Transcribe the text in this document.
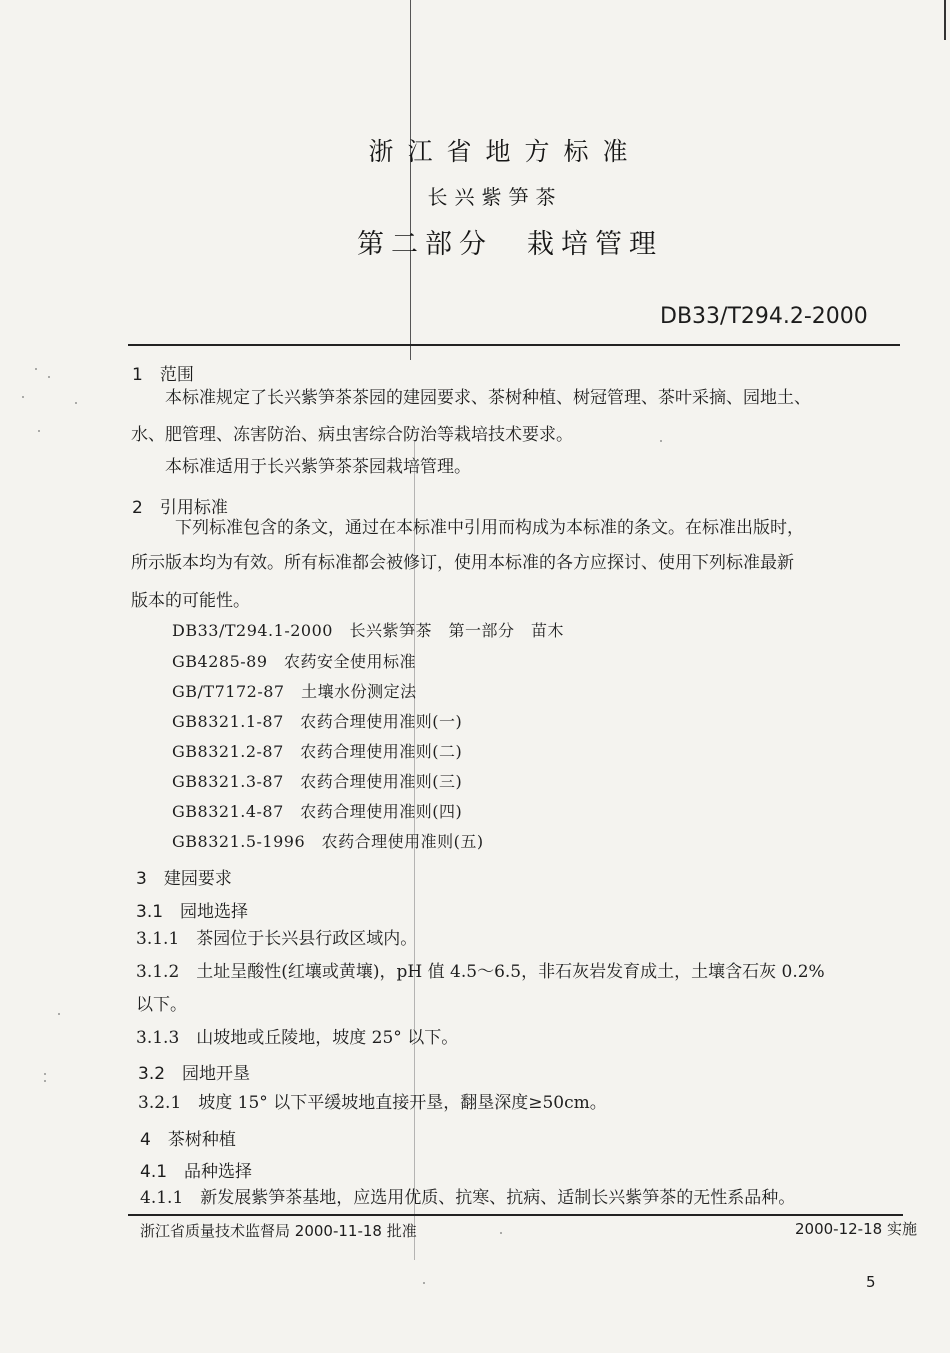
浙江省地方标准
长兴紫笋茶
第二部分　栽培管理
DB33/T294.2-2000
1　范围
本标准规定了长兴紫笋茶茶园的建园要求、茶树种植、树冠管理、茶叶采摘、园地土、
水、肥管理、冻害防治、病虫害综合防治等栽培技术要求。
本标准适用于长兴紫笋茶茶园栽培管理。
2　引用标准
下列标准包含的条文，通过在本标准中引用而构成为本标准的条文。在标准出版时，
所示版本均为有效。所有标准都会被修订，使用本标准的各方应探讨、使用下列标准最新
版本的可能性。
DB33/T294.1-2000　长兴紫笋茶　第一部分　苗木
GB4285-89　农药安全使用标准
GB/T7172-87　土壤水份测定法
GB8321.1-87　农药合理使用准则(一)
GB8321.2-87　农药合理使用准则(二)
GB8321.3-87　农药合理使用准则(三)
GB8321.4-87　农药合理使用准则(四)
GB8321.5-1996　农药合理使用准则(五)
3　建园要求
3.1　园地选择
3.1.1　茶园位于长兴县行政区域内。
3.1.2　土址呈酸性(红壤或黄壤)，pH 值 4.5～6.5，非石灰岩发育成土，土壤含石灰 0.2%
以下。
3.1.3　山坡地或丘陵地，坡度 25° 以下。
3.2　园地开垦
3.2.1　坡度 15° 以下平缓坡地直接开垦，翻垦深度≥50cm。
4　茶树种植
4.1　品种选择
4.1.1　新发展紫笋茶基地，应选用优质、抗寒、抗病、适制长兴紫笋茶的无性系品种。
浙江省质量技术监督局 2000-11-18 批准	2000-12-18 实施
5
